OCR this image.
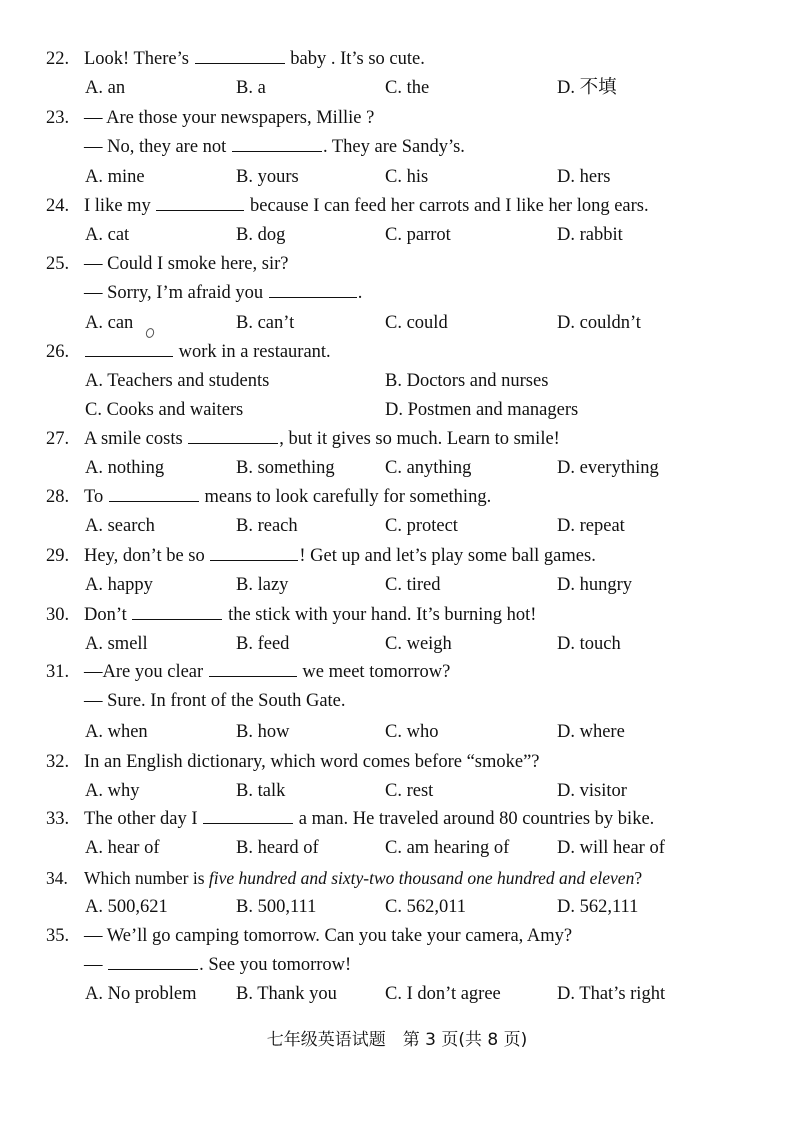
22. Look! There’s	baby . It’s so cute.
A. an	B. a	C. the	D. 不填
23. — Are those your newspapers, Millie ?
— No, they are not	. They are Sandy’s.
A. mine	B. yours	C. his	D. hers
24. I like my	because I can feed her carrots and I like her long ears.
A. cat	B. dog	C. parrot	D. rabbit
25. — Could I smoke here, sir?
— Sorry, I’m afraid you	.
A. can	B. can’t	C. could	D. couldn’t
26.	work in a restaurant.
A. Teachers and students	B. Doctors and nurses
C. Cooks and waiters	D. Postmen and managers
27. A smile costs	, but it gives so much. Learn to smile!
A. nothing	B. something	C. anything	D. everything
28. To	means to look carefully for something.
A. search	B. reach	C. protect	D. repeat
29. Hey, don’t be so	! Get up and let’s play some ball games.
A. happy	B. lazy	C. tired	D. hungry
30. Don’t	the stick with your hand. It’s burning hot!
A. smell	B. feed	C. weigh	D. touch
31. —Are you clear	we meet tomorrow?
— Sure. In front of the South Gate.
A. when	B. how	C. who	D. where
32. In an English dictionary, which word comes before “smoke”?
A. why	B. talk	C. rest	D. visitor
33. The other day I	a man. He traveled around 80 countries by bike.
A. hear of	B. heard of	C. am hearing of	D. will hear of
34. Which number is five hundred and sixty-two thousand one hundred and eleven?
A. 500,621	B. 500,111	C. 562,011	D. 562,111
35. — We’ll go camping tomorrow. Can you take your camera, Amy?
—	. See you tomorrow!
A. No problem B. Thank you	C. I don’t agree	D. That’s right
七年级英语试题　第 3 页(共 8 页)
